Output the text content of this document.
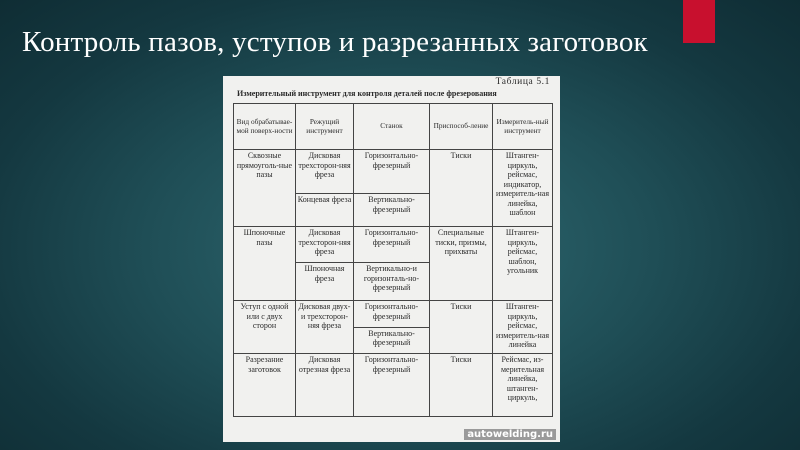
Контроль пазов, уступов и разрезанных заготовок
Таблица 5.1
Измерительный инструмент для контроля деталей после фрезерования
Вид обрабатывае-мой поверх-ности	Режущий инструмент	Станок	Приспособ-ление	Измеритель-ный инструмент
Сквозные прямоуголь-ные пазы	Дисковая трехсторон-няя фреза	Горизонтально-фрезерный	Тиски	Штанген-циркуль, рейсмас, индикатор, измеритель-ная линейка, шаблон
	Концевая фреза	Вертикально-фрезерный		
Шпоночные пазы	Дисковая трехсторон-няя фреза	Горизонтально-фрезерный	Специальные тиски, призмы, прихваты	Штанген-циркуль, рейсмас, шаблон, угольник
	Шпоночная фреза	Вертикально-и горизонталь-но-фрезерный		
Уступ с одной или с двух сторон	Дисковая двух- и трехсторон-няя фреза	Горизонтально-фрезерный	Тиски	Штанген-циркуль, рейсмас, измеритель-ная линейка
		Вертикально-фрезерный		
Разрезание заготовок	Дисковая отрезная фреза	Горизонтально-фрезерный	Тиски	Рейсмас, из-мерительная линейка, штанген-циркуль,
autowelding.ru
